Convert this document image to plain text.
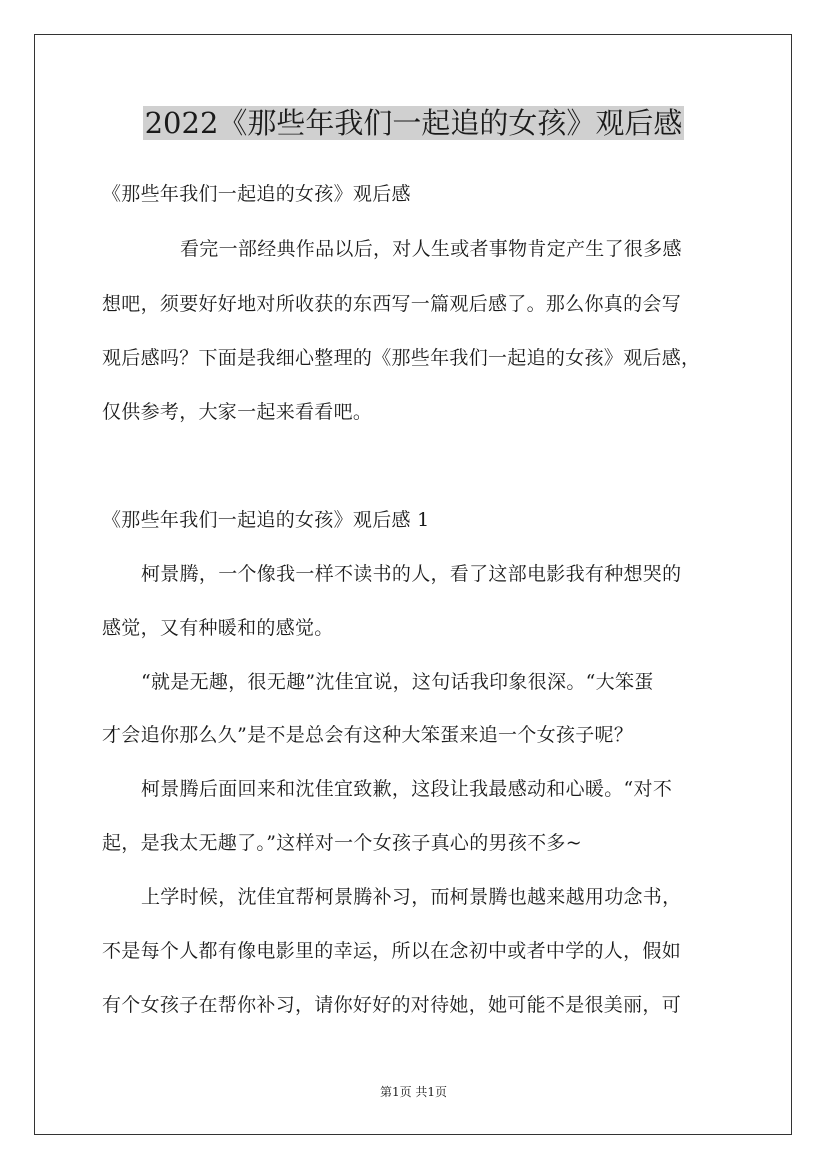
2022《那些年我们一起追的女孩》观后感
《那些年我们一起追的女孩》观后感
看完一部经典作品以后，对人生或者事物肯定产生了很多感
想吧，须要好好地对所收获的东西写一篇观后感了。那么你真的会写
观后感吗？下面是我细心整理的《那些年我们一起追的女孩》观后感，
仅供参考，大家一起来看看吧。
《那些年我们一起追的女孩》观后感 1
柯景腾，一个像我一样不读书的人，看了这部电影我有种想哭的
感觉，又有种暖和的感觉。
“就是无趣，很无趣”沈佳宜说，这句话我印象很深。“大笨蛋
才会追你那么久”是不是总会有这种大笨蛋来追一个女孩子呢？
柯景腾后面回来和沈佳宜致歉，这段让我最感动和心暖。“对不
起，是我太无趣了。”这样对一个女孩子真心的男孩不多~
上学时候，沈佳宜帮柯景腾补习，而柯景腾也越来越用功念书，
不是每个人都有像电影里的幸运，所以在念初中或者中学的人，假如
有个女孩子在帮你补习，请你好好的对待她，她可能不是很美丽，可
第1页 共1页
